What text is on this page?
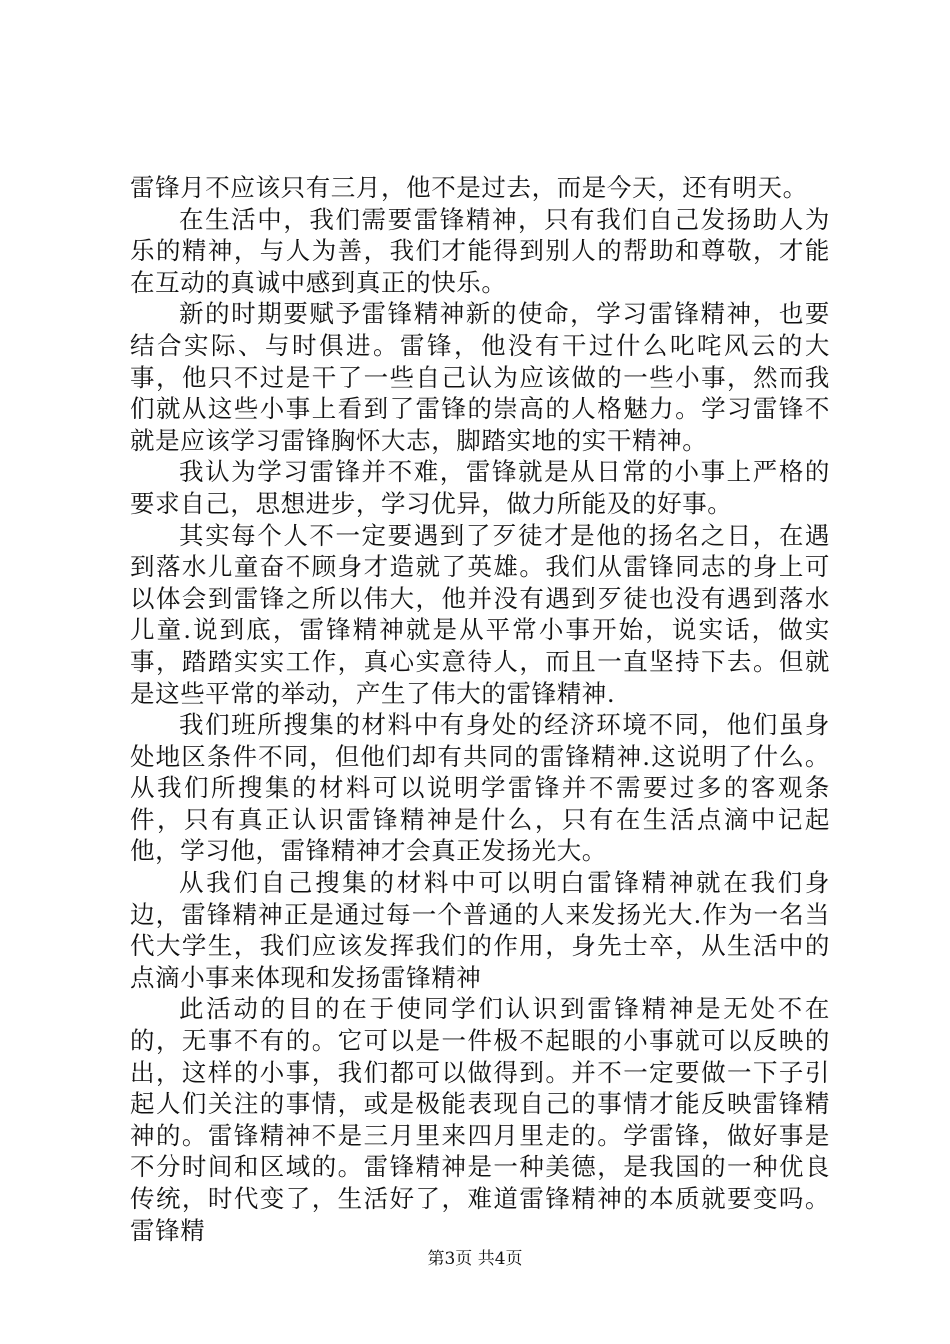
雷锋月不应该只有三月，他不是过去，而是今天，还有明天。

在生活中，我们需要雷锋精神，只有我们自己发扬助人为乐的精神，与人为善，我们才能得到别人的帮助和尊敬，才能在互动的真诚中感到真正的快乐。

新的时期要赋予雷锋精神新的使命，学习雷锋精神，也要结合实际、与时俱进。雷锋，他没有干过什么叱咤风云的大事，他只不过是干了一些自己认为应该做的一些小事，然而我们就从这些小事上看到了雷锋的崇高的人格魅力。学习雷锋不就是应该学习雷锋胸怀大志，脚踏实地的实干精神。

我认为学习雷锋并不难，雷锋就是从日常的小事上严格的要求自己，思想进步，学习优异，做力所能及的好事。

其实每个人不一定要遇到了歹徒才是他的扬名之日，在遇到落水儿童奋不顾身才造就了英雄。我们从雷锋同志的身上可以体会到雷锋之所以伟大，他并没有遇到歹徒也没有遇到落水儿童.说到底，雷锋精神就是从平常小事开始，说实话，做实事，踏踏实实工作，真心实意待人，而且一直坚持下去。但就是这些平常的举动，产生了伟大的雷锋精神.

我们班所搜集的材料中有身处的经济环境不同，他们虽身处地区条件不同，但他们却有共同的雷锋精神.这说明了什么。从我们所搜集的材料可以说明学雷锋并不需要过多的客观条件，只有真正认识雷锋精神是什么，只有在生活点滴中记起他，学习他，雷锋精神才会真正发扬光大。

从我们自己搜集的材料中可以明白雷锋精神就在我们身边，雷锋精神正是通过每一个普通的人来发扬光大.作为一名当代大学生，我们应该发挥我们的作用，身先士卒，从生活中的点滴小事来体现和发扬雷锋精神

此活动的目的在于使同学们认识到雷锋精神是无处不在的，无事不有的。它可以是一件极不起眼的小事就可以反映的出，这样的小事，我们都可以做得到。并不一定要做一下子引起人们关注的事情，或是极能表现自己的事情才能反映雷锋精神的。雷锋精神不是三月里来四月里走的。学雷锋，做好事是不分时间和区域的。雷锋精神是一种美德，是我国的一种优良传统，时代变了，生活好了，难道雷锋精神的本质就要变吗。雷锋精

第3页 共4页
